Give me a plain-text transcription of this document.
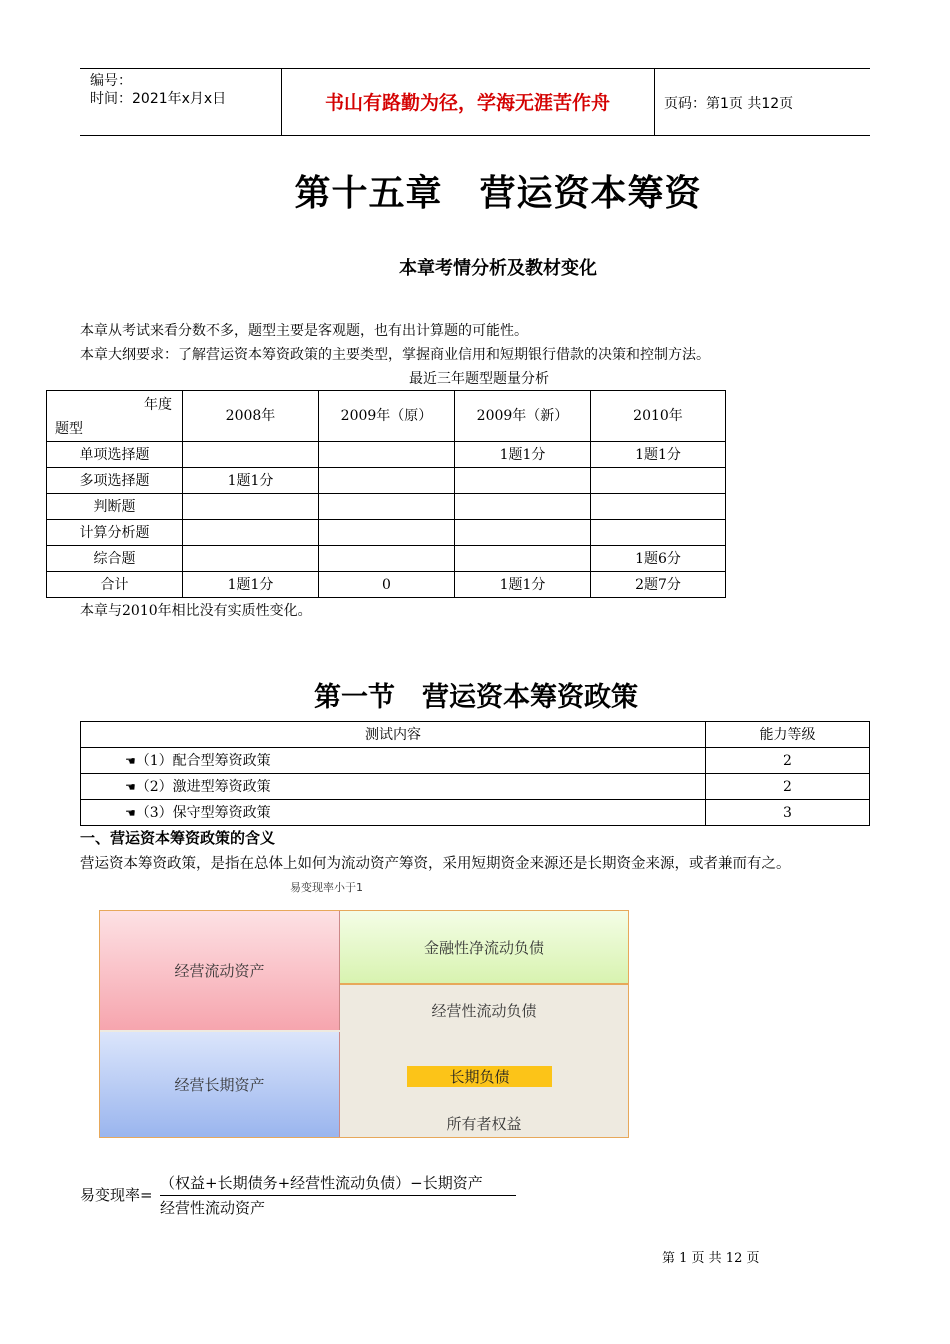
编号：
时间：2021年x月x日	书山有路勤为径，学海无涯苦作舟	页码：第1页 共12页
第十五章　营运资本筹资
本章考情分析及教材变化
本章从考试来看分数不多，题型主要是客观题，也有出计算题的可能性。
本章大纲要求：了解营运资本筹资政策的主要类型，掌握商业信用和短期银行借款的决策和控制方法。
最近三年题型题量分析
年度
题型	2008年	2009年（原）	2009年（新）	2010年
单项选择题			1题1分	1题1分
多项选择题	1题1分			
判断题				
计算分析题				
综合题				1题6分
合计	1题1分	0	1题1分	2题7分
本章与2010年相比没有实质性变化。
第一节　营运资本筹资政策
测试内容	能力等级
☚（1）配合型筹资政策	2
☚（2）激进型筹资政策	2
☚（3）保守型筹资政策	3
一、营运资本筹资政策的含义
营运资本筹资政策，是指在总体上如何为流动资产筹资，采用短期资金来源还是长期资金来源，或者兼而有之。
易变现率小于1
经营流动资产
经营长期资产
金融性净流动负债
经营性流动负债
长期负债
所有者权益
易变现率=
（权益+长期债务+经营性流动负债）−长期资产
经营性流动资产
第 1 页 共 12 页
